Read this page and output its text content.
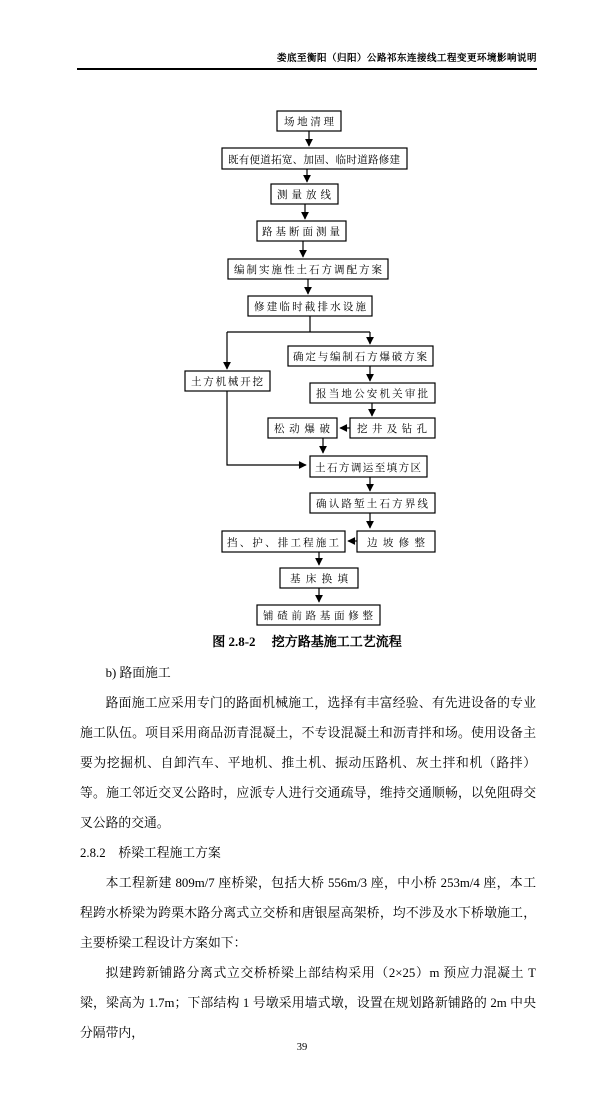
娄底至衡阳（归阳）公路祁东连接线工程变更环境影响说明
场地清理
既有便道拓宽、加固、临时道路修建
测量放线
路基断面测量
编制实施性土石方调配方案
修建临时截排水设施
确定与编制石方爆破方案
土方机械开挖
报当地公安机关审批
松动爆破	挖井及钻孔
土石方调运至填方区
确认路堑土石方界线
挡、护、排工程施工	边坡修整
基床换填
铺碴前路基面修整
图 2.8-2　 挖方路基施工工艺流程

b) 路面施工

路面施工应采用专门的路面机械施工，选择有丰富经验、有先进设备的专业施工队伍。项目采用商品沥青混凝土，不专设混凝土和沥青拌和场。使用设备主要为挖掘机、自卸汽车、平地机、推土机、振动压路机、灰土拌和机（路拌）等。施工邻近交叉公路时，应派专人进行交通疏导，维持交通顺畅，以免阻碍交叉公路的交通。

2.8.2　桥梁工程施工方案

本工程新建 809m/7 座桥梁，包括大桥 556m/3 座，中小桥 253m/4 座，本工程跨水桥梁为跨栗木路分离式立交桥和唐银屋高架桥，均不涉及水下桥墩施工，主要桥梁工程设计方案如下：

拟建跨新铺路分离式立交桥桥梁上部结构采用（2×25）m 预应力混凝土 T 梁，梁高为 1.7m；下部结构 1 号墩采用墙式墩，设置在规划路新铺路的 2m 中央分隔带内，

39
